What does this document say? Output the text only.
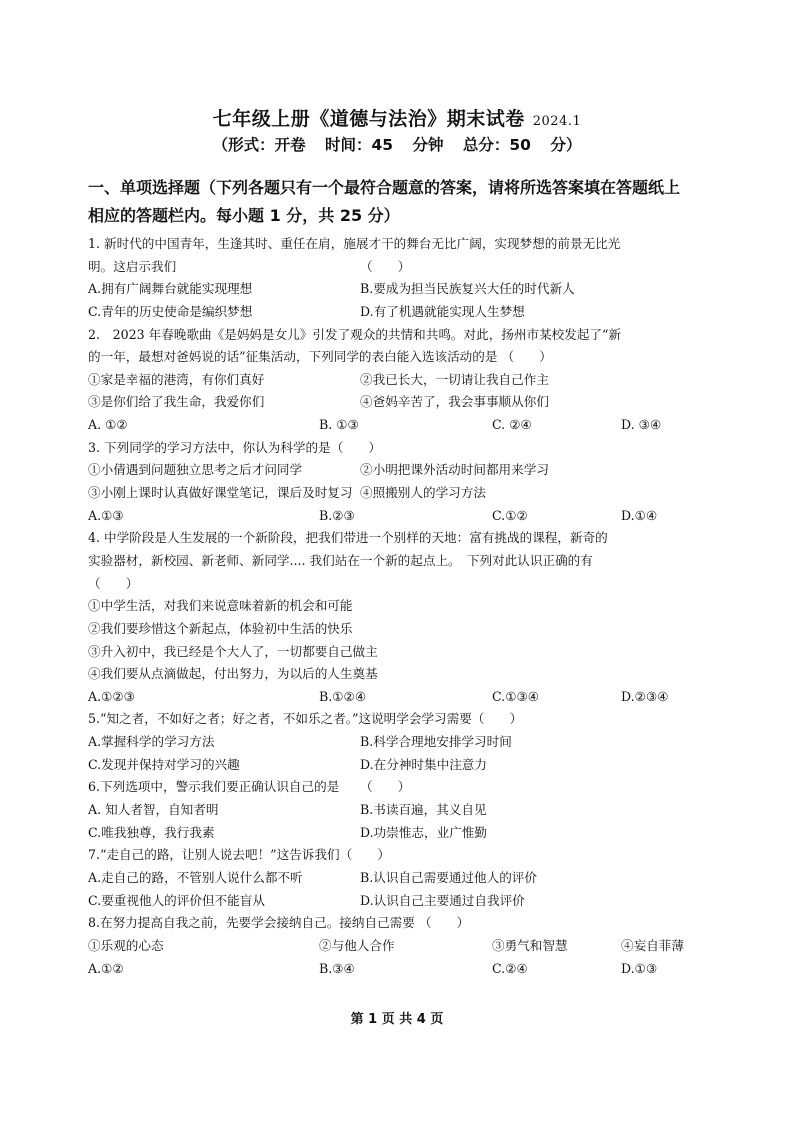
七年级上册《道德与法治》期末试卷 2024.1
（形式：开卷 时间：45 分钟 总分：50 分）
一、单项选择题（下列各题只有一个最符合题意的答案，请将所选答案填在答题纸上
相应的答题栏内。每小题 1 分，共 25 分）
1. 新时代的中国青年，生逢其时、重任在肩，施展才干的舞台无比广阔，实现梦想的前景无比光
明。这启示我们	（　　）
A.拥有广阔舞台就能实现理想	B.要成为担当民族复兴大任的时代新人
C.青年的历史使命是编织梦想	D.有了机遇就能实现人生梦想
2.　2023 年春晚歌曲《是妈妈是女儿》引发了观众的共情和共鸣。对此，扬州市某校发起了“新
的一年，最想对爸妈说的话”征集活动，下列同学的表白能入选该活动的是 （　　）
①家是幸福的港湾，有你们真好	②我已长大，一切请让我自己作主
③是你们给了我生命，我爱你们	④爸妈辛苦了，我会事事顺从你们
A. ①②	B. ①③	C. ②④	D. ③④
3. 下列同学的学习方法中，你认为科学的是（　　）
①小倩遇到问题独立思考之后才问同学	②小明把课外活动时间都用来学习
③小刚上课时认真做好课堂笔记，课后及时复习 ④照搬别人的学习方法
A.①③	B.②③	C.①②	D.①④
4. 中学阶段是人生发展的一个新阶段，把我们带进一个别样的天地：富有挑战的课程，新奇的
实验器材，新校园、新老师、新同学.... 我们站在一个新的起点上。　下列对此认识正确的有
（　　）
①中学生活，对我们来说意味着新的机会和可能
②我们要珍惜这个新起点，体验初中生活的快乐
③升入初中，我已经是个大人了，一切都要自己做主
④我们要从点滴做起，付出努力，为以后的人生奠基
A.①②③	B.①②④	C.①③④	D.②③④
5.“知之者，不如好之者；好之者，不如乐之者。”这说明学会学习需要（　　）
A.掌握科学的学习方法	B.科学合理地安排学习时间
C.发现并保持对学习的兴趣	D.在分神时集中注意力
6.下列选项中，警示我们要正确认识自己的是 （　　）
A. 知人者智，自知者明	B.书读百遍，其义自见
C.唯我独尊，我行我素	D.功崇惟志，业广惟勤
7.“走自己的路，让别人说去吧！”这告诉我们（　　）
A.走自己的路，不管别人说什么都不听	B.认识自己需要通过他人的评价
C.要重视他人的评价但不能盲从	D.认识自己主要通过自我评价
8.在努力提高自我之前，先要学会接纳自己。接纳自己需要 （　　）
①乐观的心态	②与他人合作	③勇气和智慧	④妄自菲薄
A.①②	B.③④	C.②④	D.①③
第 1 页 共 4 页
